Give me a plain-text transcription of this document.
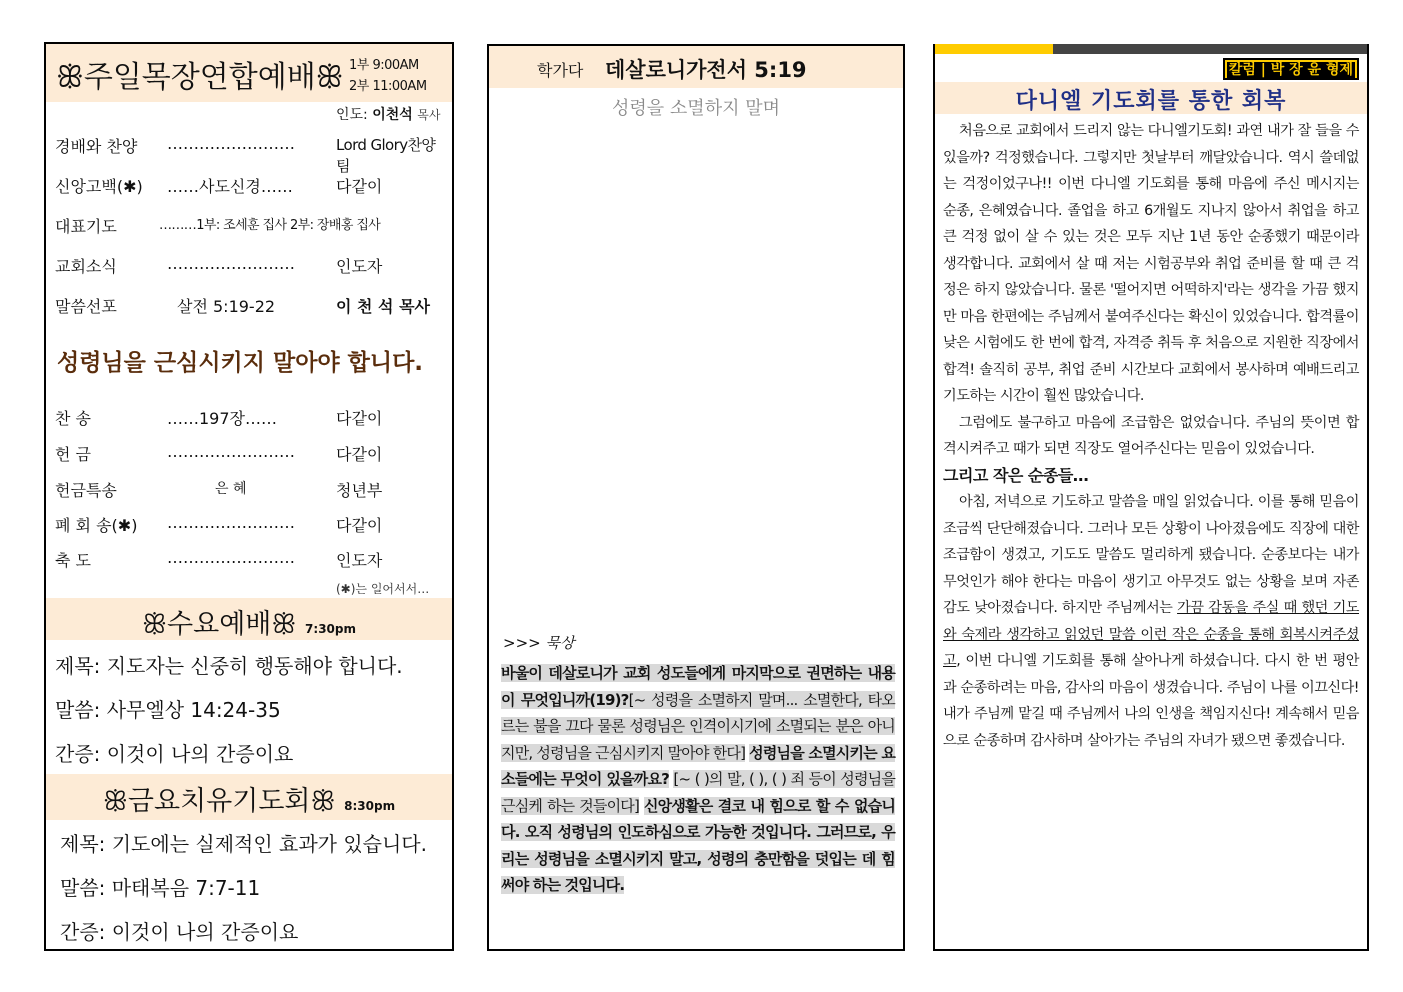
ꕥ주일목장연합예배ꕥ 1부 9:00AM
2부 11:00AM
인도: 이천석 목사
경배와 찬양 ……………………	Lord Glory찬양팀
신앙고백(✱) ……사도신경……	다같이
대표기도	………1부: 조세훈 집사 2부: 장배홍 집사
교회소식	……………………	인도자
말씀선포	살전 5:19-22	이 천 석 목사
성령님을 근심시키지 말아야 합니다.
찬 송	……197장……	다같이
헌 금	……………………	다같이
헌금특송	은 혜	청년부
폐 회 송(✱) ……………………	다같이
축 도	……………………	인도자
(✱)는 일어서서…
ꕥ수요예배ꕥ 7:30pm
제목: 지도자는 신중히 행동해야 합니다.
말씀: 사무엘상 14:24-35
간증: 이것이 나의 간증이요
ꕥ금요치유기도회ꕥ 8:30pm
제목: 기도에는 실제적인 효과가 있습니다.
말씀: 마태복음 7:7-11
간증: 이것이 나의 간증이요
학가다 데살로니가전서 5:19
성령을 소멸하지 말며
>>> 묵상
바울이 데살로니가 교회 성도들에게 마지막으로 권면하는 내용이 무엇입니까(19)?[~ 성령을 소멸하지 말며... 소멸한다, 타오르는 불을 끄다 물론 성령님은 인격이시기에 소멸되는 분은 아니지만, 성령님을 근심시키지 말아야 한다] 성령님을 소멸시키는 요소들에는 무엇이 있을까요? [~ ( )의 말, ( ), ( ) 죄 등이 성령님을 근심케 하는 것들이다] 신앙생활은 결코 내 힘으로 할 수 없습니다. 오직 성령님의 인도하심으로 가능한 것입니다. 그러므로, 우리는 성령님을 소멸시키지 말고, 성령의 충만함을 덧입는 데 힘써야 하는 것입니다.
칼럼 | 박 장 윤 형제
다니엘 기도회를 통한 회복

처음으로 교회에서 드리지 않는 다니엘기도회! 과연 내가 잘 들을 수 있을까? 걱정했습니다. 그렇지만 첫날부터 깨달았습니다. 역시 쓸데없는 걱정이었구나!! 이번 다니엘 기도회를 통해 마음에 주신 메시지는 순종, 은혜였습니다. 졸업을 하고 6개월도 지나지 않아서 취업을 하고 큰 걱정 없이 살 수 있는 것은 모두 지난 1년 동안 순종했기 때문이라 생각합니다. 교회에서 살 때 저는 시험공부와 취업 준비를 할 때 큰 걱정은 하지 않았습니다. 물론 '떨어지면 어떡하지'라는 생각을 가끔 했지만 마음 한편에는 주님께서 붙여주신다는 확신이 있었습니다. 합격률이 낮은 시험에도 한 번에 합격, 자격증 취득 후 처음으로 지원한 직장에서 합격! 솔직히 공부, 취업 준비 시간보다 교회에서 봉사하며 예배드리고 기도하는 시간이 훨씬 많았습니다.

그럼에도 불구하고 마음에 조급함은 없었습니다. 주님의 뜻이면 합격시켜주고 때가 되면 직장도 열어주신다는 믿음이 있었습니다.

그리고 작은 순종들…

아침, 저녁으로 기도하고 말씀을 매일 읽었습니다. 이를 통해 믿음이 조금씩 단단해졌습니다. 그러나 모든 상황이 나아졌음에도 직장에 대한 조급함이 생겼고, 기도도 말씀도 멀리하게 됐습니다. 순종보다는 내가 무엇인가 해야 한다는 마음이 생기고 아무것도 없는 상황을 보며 자존감도 낮아졌습니다. 하지만 주님께서는 가끔 감동을 주실 때 했던 기도와 숙제라 생각하고 읽었던 말씀 이런 작은 순종을 통해 회복시켜주셨고, 이번 다니엘 기도회를 통해 살아나게 하셨습니다. 다시 한 번 평안과 순종하려는 마음, 감사의 마음이 생겼습니다. 주님이 나를 이끄신다! 내가 주님께 맡길 때 주님께서 나의 인생을 책임지신다! 계속해서 믿음으로 순종하며 감사하며 살아가는 주님의 자녀가 됐으면 좋겠습니다.
